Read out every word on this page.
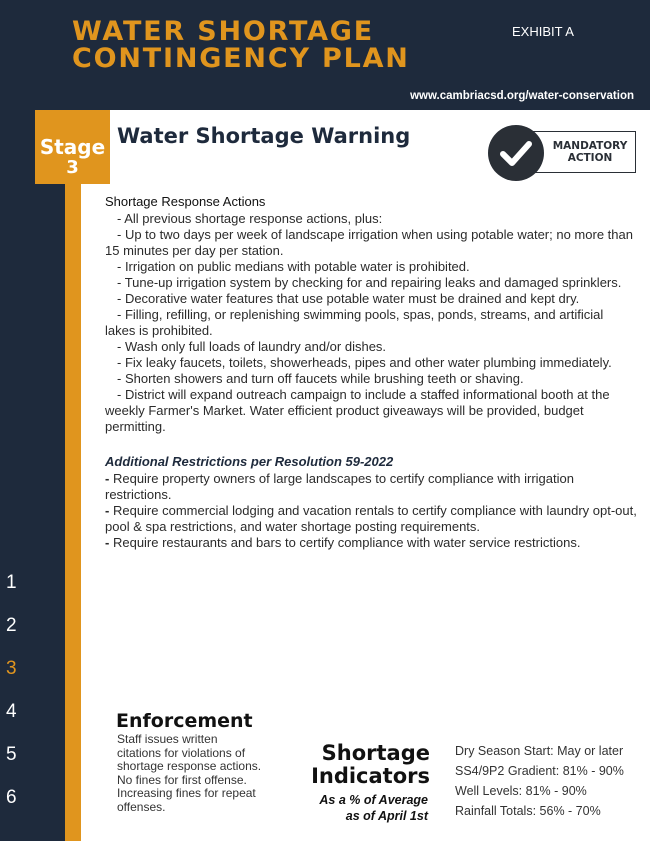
WATER SHORTAGE
CONTINGENCY PLAN
EXHIBIT A
www.cambriacsd.org/water-conservation
Stage
3
Water Shortage Warning	MANDATORY
ACTION
Shortage Response Actions
- All previous shortage response actions, plus:
- Up to two days per week of landscape irrigation when using potable water; no more than 15 minutes per day per station.
- Irrigation on public medians with potable water is prohibited.
- Tune-up irrigation system by checking for and repairing leaks and damaged sprinklers.
- Decorative water features that use potable water must be drained and kept dry.
- Filling, refilling, or replenishing swimming pools, spas, ponds, streams, and artificial lakes is prohibited.
- Wash only full loads of laundry and/or dishes.
- Fix leaky faucets, toilets, showerheads, pipes and other water plumbing immediately.
- Shorten showers and turn off faucets while brushing teeth or shaving.
- District will expand outreach campaign to include a staffed informational booth at the weekly Farmer's Market. Water efficient product giveaways will be provided, budget permitting.
Additional Restrictions per Resolution 59-2022
- Require property owners of large landscapes to certify compliance with irrigation restrictions.
- Require commercial lodging and vacation rentals to certify compliance with laundry opt-out, pool & spa restrictions, and water shortage posting requirements.
- Require restaurants and bars to certify compliance with water service restrictions.
1
2
3
4
5
6
Enforcement
Staff issues written citations for violations of shortage response actions. No fines for first offense. Increasing fines for repeat offenses.
Shortage
Indicators
As a % of Average
as of April 1st
Dry Season Start: May or later
SS4/9P2 Gradient: 81% - 90%
Well Levels: 81% - 90%
Rainfall Totals: 56% - 70%
